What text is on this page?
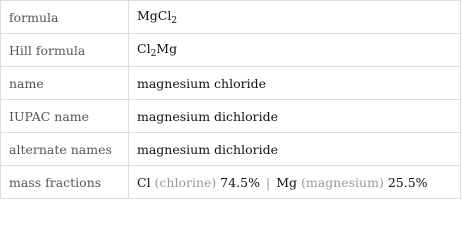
formula	MgCl$_2$
Hill formula	$Cl_2Mg$
name	magnesium chloride
IUPAC name	magnesium dichloride
alternate names	magnesium dichloride
mass fractions	Cl (chlorine) 74.5% | Mg (magnesium) 25.5%
